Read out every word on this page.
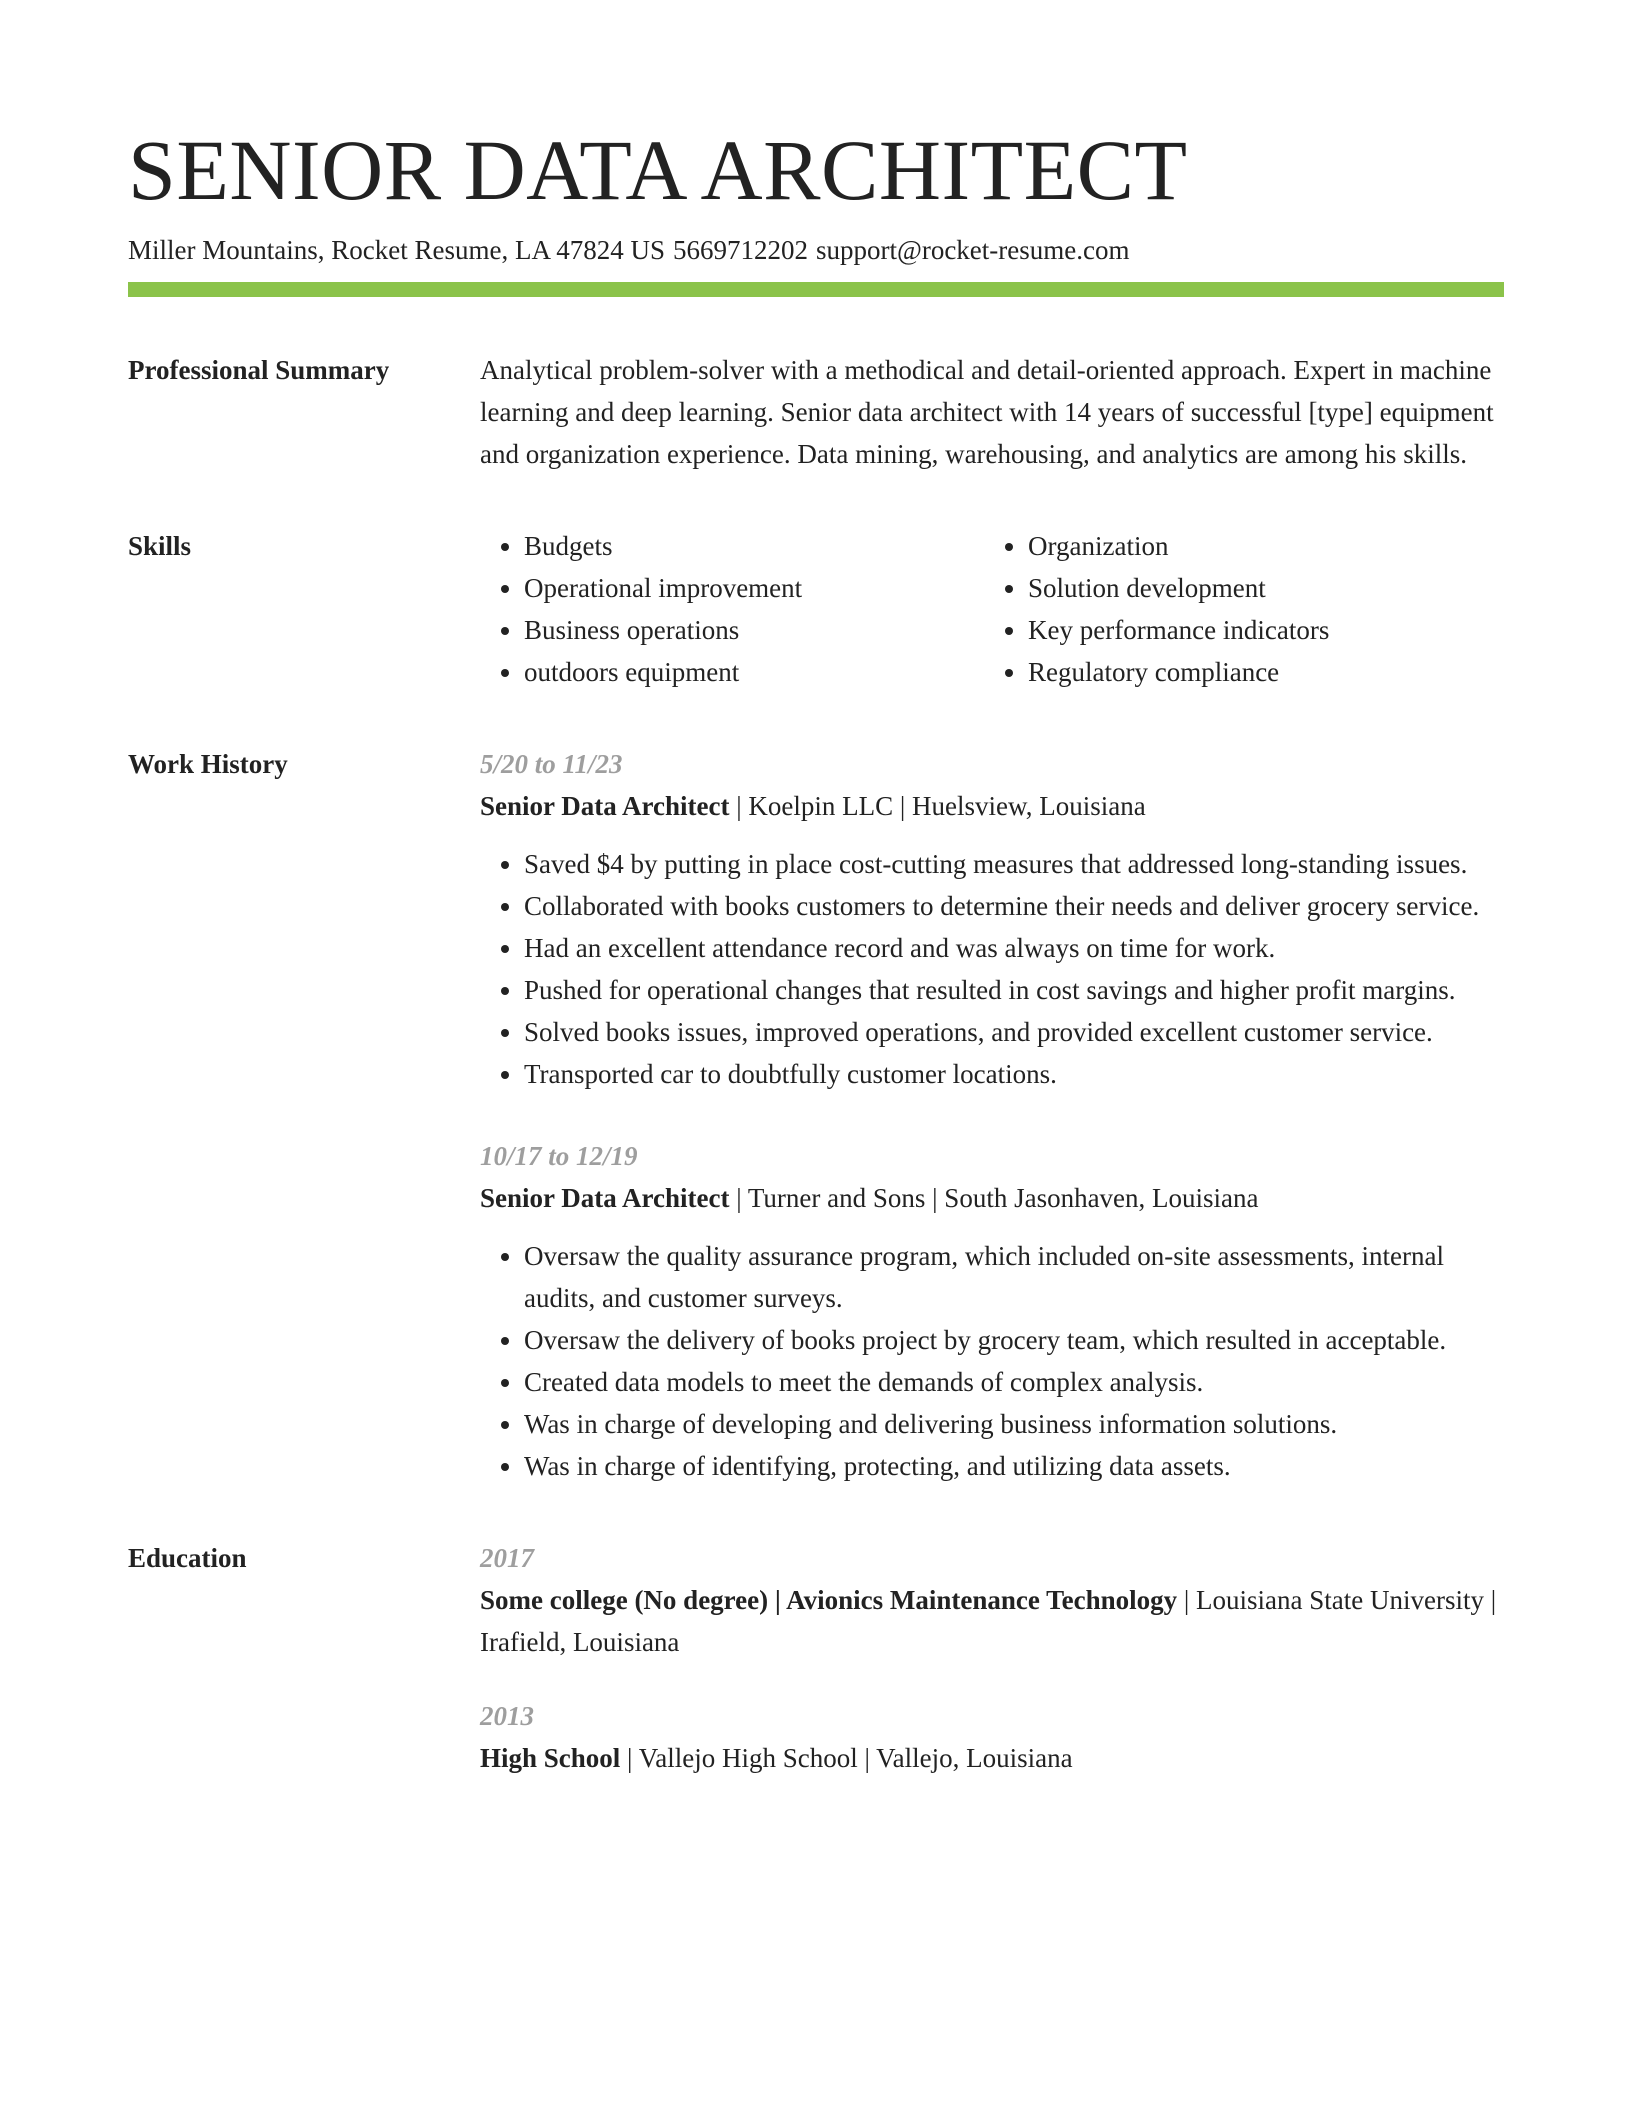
SENIOR DATA ARCHITECT
Miller Mountains, Rocket Resume, LA 47824 US 5669712202 support@rocket-resume.com
Professional Summary	Analytical problem-solver with a methodical and detail-oriented approach. Expert in machine learning and deep learning. Senior data architect with 14 years of successful [type] equipment and organization experience. Data mining, warehousing, and analytics are among his skills.

Skills
•	Budgets
• Operational improvement
• Business operations
• outdoors equipment
• Organization
• Solution development
• Key performance indicators
• Regulatory compliance
Work History	5/20 to 11/23
Senior Data Architect | Koelpin LLC | Huelsview, Louisiana
• Saved $4 by putting in place cost-cutting measures that addressed long-standing issues.
• Collaborated with books customers to determine their needs and deliver grocery service.
• Had an excellent attendance record and was always on time for work.
• Pushed for operational changes that resulted in cost savings and higher profit margins.
• Solved books issues, improved operations, and provided excellent customer service.
• Transported car to doubtfully customer locations.
10/17 to 12/19
Senior Data Architect | Turner and Sons | South Jasonhaven, Louisiana
• Oversaw the quality assurance program, which included on-site assessments, internal audits, and customer surveys.
• Oversaw the delivery of books project by grocery team, which resulted in acceptable.
• Created data models to meet the demands of complex analysis.
• Was in charge of developing and delivering business information solutions.
• Was in charge of identifying, protecting, and utilizing data assets.
Education	2017
Some college (No degree) | Avionics Maintenance Technology | Louisiana State University | Irafield, Louisiana
2013
High School | Vallejo High School | Vallejo, Louisiana
